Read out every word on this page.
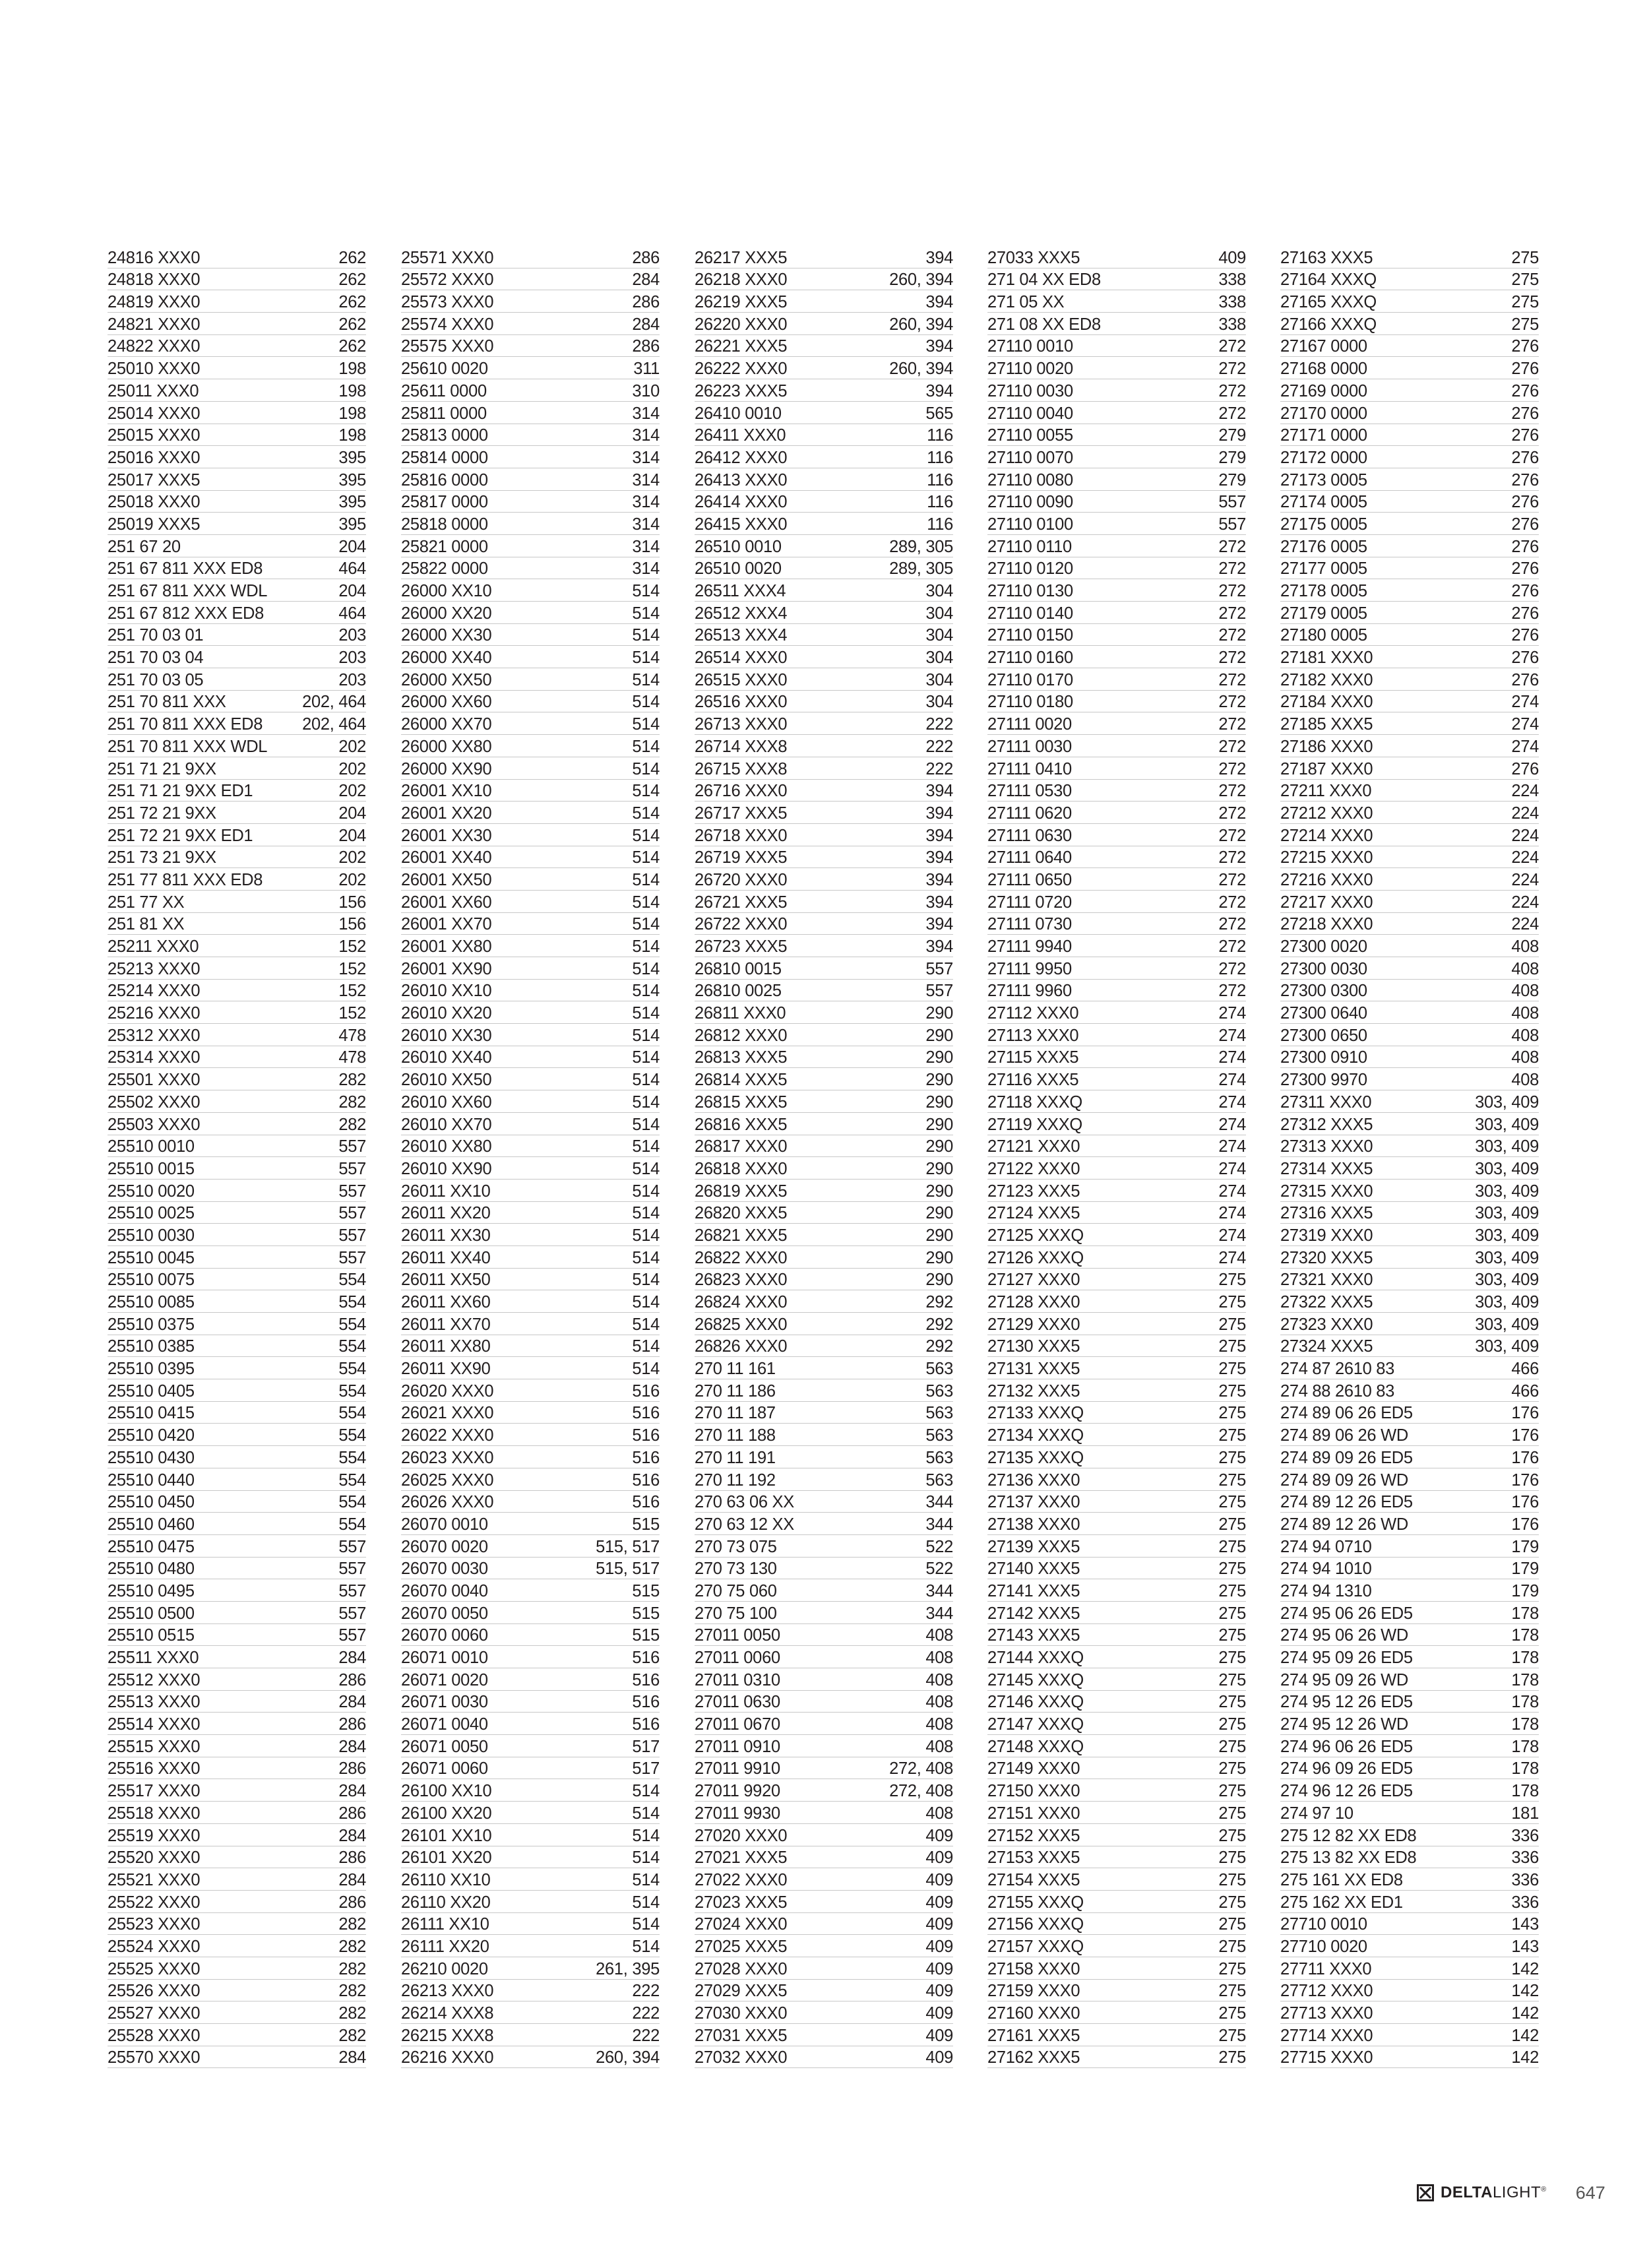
24816 XXX0	262
24818 XXX0	262
24819 XXX0	262
24821 XXX0	262
24822 XXX0	262
25010 XXX0	198
25011 XXX0	198
25014 XXX0	198
25015 XXX0	198
25016 XXX0	395
25017 XXX5	395
25018 XXX0	395
25019 XXX5	395
251 67 20	204
251 67 811 XXX ED8	464
251 67 811 XXX WDL	204
251 67 812 XXX ED8	464
251 70 03 01	203
251 70 03 04	203
251 70 03 05	203
251 70 811 XXX	202, 464
251 70 811 XXX ED8 202, 464
251 70 811 XXX WDL	202
251 71 21 9XX	202
251 71 21 9XX ED1	202
251 72 21 9XX	204
251 72 21 9XX ED1	204
251 73 21 9XX	202
251 77 811 XXX ED8	202
251 77 XX	156
251 81 XX	156
25211 XXX0	152
25213 XXX0	152
25214 XXX0	152
25216 XXX0	152
25312 XXX0	478
25314 XXX0	478
25501 XXX0	282
25502 XXX0	282
25503 XXX0	282
25510 0010	557
25510 0015	557
25510 0020	557
25510 0025	557
25510 0030	557
25510 0045	557
25510 0075	554
25510 0085	554
25510 0375	554
25510 0385	554
25510 0395	554
25510 0405	554
25510 0415	554
25510 0420	554
25510 0430	554
25510 0440	554
25510 0450	554
25510 0460	554
25510 0475	557
25510 0480	557
25510 0495	557
25510 0500	557
25510 0515	557
25511 XXX0	284
25512 XXX0	286
25513 XXX0	284
25514 XXX0	286
25515 XXX0	284
25516 XXX0	286
25517 XXX0	284
25518 XXX0	286
25519 XXX0	284
25520 XXX0	286
25521 XXX0	284
25522 XXX0	286
25523 XXX0	282
25524 XXX0	282
25525 XXX0	282
25526 XXX0	282
25527 XXX0	282
25528 XXX0	282
25570 XXX0	284
25571 XXX0	286
25572 XXX0	284
25573 XXX0	286
25574 XXX0	284
25575 XXX0	286
25610 0020	311
25611 0000	310
25811 0000	314
25813 0000	314
25814 0000	314
25816 0000	314
25817 0000	314
25818 0000	314
25821 0000	314
25822 0000	314
26000 XX10	514
26000 XX20	514
26000 XX30	514
26000 XX40	514
26000 XX50	514
26000 XX60	514
26000 XX70	514
26000 XX80	514
26000 XX90	514
26001 XX10	514
26001 XX20	514
26001 XX30	514
26001 XX40	514
26001 XX50	514
26001 XX60	514
26001 XX70	514
26001 XX80	514
26001 XX90	514
26010 XX10	514
26010 XX20	514
26010 XX30	514
26010 XX40	514
26010 XX50	514
26010 XX60	514
26010 XX70	514
26010 XX80	514
26010 XX90	514
26011 XX10	514
26011 XX20	514
26011 XX30	514
26011 XX40	514
26011 XX50	514
26011 XX60	514
26011 XX70	514
26011 XX80	514
26011 XX90	514
26020 XXX0	516
26021 XXX0	516
26022 XXX0	516
26023 XXX0	516
26025 XXX0	516
26026 XXX0	516
26070 0010	515
26070 0020	515, 517
26070 0030	515, 517
26070 0040	515
26070 0050	515
26070 0060	515
26071 0010	516
26071 0020	516
26071 0030	516
26071 0040	516
26071 0050	517
26071 0060	517
26100 XX10	514
26100 XX20	514
26101 XX10	514
26101 XX20	514
26110 XX10	514
26110 XX20	514
26111 XX10	514
26111 XX20	514
26210 0020	261, 395
26213 XXX0	222
26214 XXX8	222
26215 XXX8	222
26216 XXX0	260, 394
26217 XXX5	394
26218 XXX0	260, 394
26219 XXX5	394
26220 XXX0	260, 394
26221 XXX5	394
26222 XXX0	260, 394
26223 XXX5	394
26410 0010	565
26411 XXX0	116
26412 XXX0	116
26413 XXX0	116
26414 XXX0	116
26415 XXX0	116
26510 0010	289, 305
26510 0020	289, 305
26511 XXX4	304
26512 XXX4	304
26513 XXX4	304
26514 XXX0	304
26515 XXX0	304
26516 XXX0	304
26713 XXX0	222
26714 XXX8	222
26715 XXX8	222
26716 XXX0	394
26717 XXX5	394
26718 XXX0	394
26719 XXX5	394
26720 XXX0	394
26721 XXX5	394
26722 XXX0	394
26723 XXX5	394
26810 0015	557
26810 0025	557
26811 XXX0	290
26812 XXX0	290
26813 XXX5	290
26814 XXX5	290
26815 XXX5	290
26816 XXX5	290
26817 XXX0	290
26818 XXX0	290
26819 XXX5	290
26820 XXX5	290
26821 XXX5	290
26822 XXX0	290
26823 XXX0	290
26824 XXX0	292
26825 XXX0	292
26826 XXX0	292
270 11 161	563
270 11 186	563
270 11 187	563
270 11 188	563
270 11 191	563
270 11 192	563
270 63 06 XX	344
270 63 12 XX	344
270 73 075	522
270 73 130	522
270 75 060	344
270 75 100	344
27011 0050	408
27011 0060	408
27011 0310	408
27011 0630	408
27011 0670	408
27011 0910	408
27011 9910	272, 408
27011 9920	272, 408
27011 9930	408
27020 XXX0	409
27021 XXX5	409
27022 XXX0	409
27023 XXX5	409
27024 XXX0	409
27025 XXX5	409
27028 XXX0	409
27029 XXX5	409
27030 XXX0	409
27031 XXX5	409
27032 XXX0	409
27033 XXX5	409
271 04 XX ED8	338
271 05 XX	338
271 08 XX ED8	338
27110 0010	272
27110 0020	272
27110 0030	272
27110 0040	272
27110 0055	279
27110 0070	279
27110 0080	279
27110 0090	557
27110 0100	557
27110 0110	272
27110 0120	272
27110 0130	272
27110 0140	272
27110 0150	272
27110 0160	272
27110 0170	272
27110 0180	272
27111 0020	272
27111 0030	272
27111 0410	272
27111 0530	272
27111 0620	272
27111 0630	272
27111 0640	272
27111 0650	272
27111 0720	272
27111 0730	272
27111 9940	272
27111 9950	272
27111 9960	272
27112 XXX0	274
27113 XXX0	274
27115 XXX5	274
27116 XXX5	274
27118 XXXQ	274
27119 XXXQ	274
27121 XXX0	274
27122 XXX0	274
27123 XXX5	274
27124 XXX5	274
27125 XXXQ	274
27126 XXXQ	274
27127 XXX0	275
27128 XXX0	275
27129 XXX0	275
27130 XXX5	275
27131 XXX5	275
27132 XXX5	275
27133 XXXQ	275
27134 XXXQ	275
27135 XXXQ	275
27136 XXX0	275
27137 XXX0	275
27138 XXX0	275
27139 XXX5	275
27140 XXX5	275
27141 XXX5	275
27142 XXX5	275
27143 XXX5	275
27144 XXXQ	275
27145 XXXQ	275
27146 XXXQ	275
27147 XXXQ	275
27148 XXXQ	275
27149 XXX0	275
27150 XXX0	275
27151 XXX0	275
27152 XXX5	275
27153 XXX5	275
27154 XXX5	275
27155 XXXQ	275
27156 XXXQ	275
27157 XXXQ	275
27158 XXX0	275
27159 XXX0	275
27160 XXX0	275
27161 XXX5	275
27162 XXX5	275
27163 XXX5	275
27164 XXXQ	275
27165 XXXQ	275
27166 XXXQ	275
27167 0000	276
27168 0000	276
27169 0000	276
27170 0000	276
27171 0000	276
27172 0000	276
27173 0005	276
27174 0005	276
27175 0005	276
27176 0005	276
27177 0005	276
27178 0005	276
27179 0005	276
27180 0005	276
27181 XXX0	276
27182 XXX0	276
27184 XXX0	274
27185 XXX5	274
27186 XXX0	274
27187 XXX0	276
27211 XXX0	224
27212 XXX0	224
27214 XXX0	224
27215 XXX0	224
27216 XXX0	224
27217 XXX0	224
27218 XXX0	224
27300 0020	408
27300 0030	408
27300 0300	408
27300 0640	408
27300 0650	408
27300 0910	408
27300 9970	408
27311 XXX0	303, 409
27312 XXX5	303, 409
27313 XXX0	303, 409
27314 XXX5	303, 409
27315 XXX0	303, 409
27316 XXX5	303, 409
27319 XXX0	303, 409
27320 XXX5	303, 409
27321 XXX0	303, 409
27322 XXX5	303, 409
27323 XXX0	303, 409
27324 XXX5	303, 409
274 87 2610 83	466
274 88 2610 83	466
274 89 06 26 ED5	176
274 89 06 26 WD	176
274 89 09 26 ED5	176
274 89 09 26 WD	176
274 89 12 26 ED5	176
274 89 12 26 WD	176
274 94 0710	179
274 94 1010	179
274 94 1310	179
274 95 06 26 ED5	178
274 95 06 26 WD	178
274 95 09 26 ED5	178
274 95 09 26 WD	178
274 95 12 26 ED5	178
274 95 12 26 WD	178
274 96 06 26 ED5	178
274 96 09 26 ED5	178
274 96 12 26 ED5	178
274 97 10	181
275 12 82 XX ED8	336
275 13 82 XX ED8	336
275 161 XX ED8	336
275 162 XX ED1	336
27710 0010	143
27710 0020	143
27711 XXX0	142
27712 XXX0	142
27713 XXX0	142
27714 XXX0	142
27715 XXX0	142
DELTALIGHT® 647
